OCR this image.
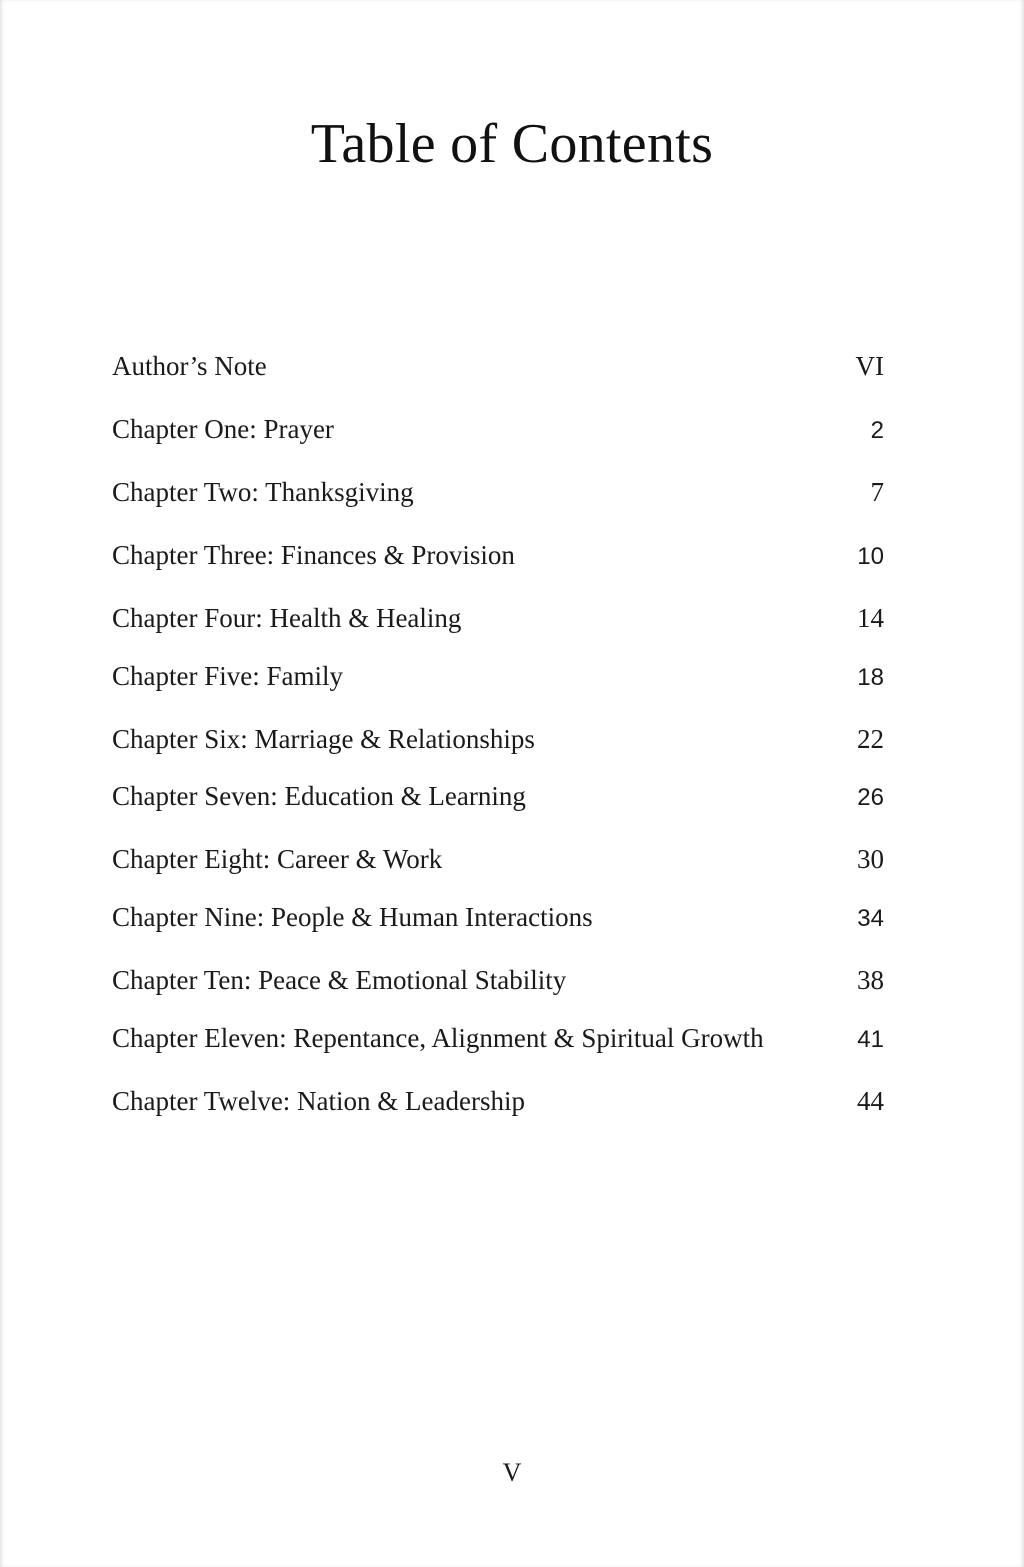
Table of Contents
Author’s Note	VI
Chapter One: Prayer	2
Chapter Two: Thanksgiving	7
Chapter Three: Finances & Provision	10
Chapter Four: Health & Healing	14
Chapter Five: Family	18
Chapter Six: Marriage & Relationships	22
Chapter Seven: Education & Learning	26
Chapter Eight: Career & Work	30
Chapter Nine: People & Human Interactions	34
Chapter Ten: Peace & Emotional Stability	38
Chapter Eleven: Repentance, Alignment & Spiritual Growth	41
Chapter Twelve: Nation & Leadership	44
V
